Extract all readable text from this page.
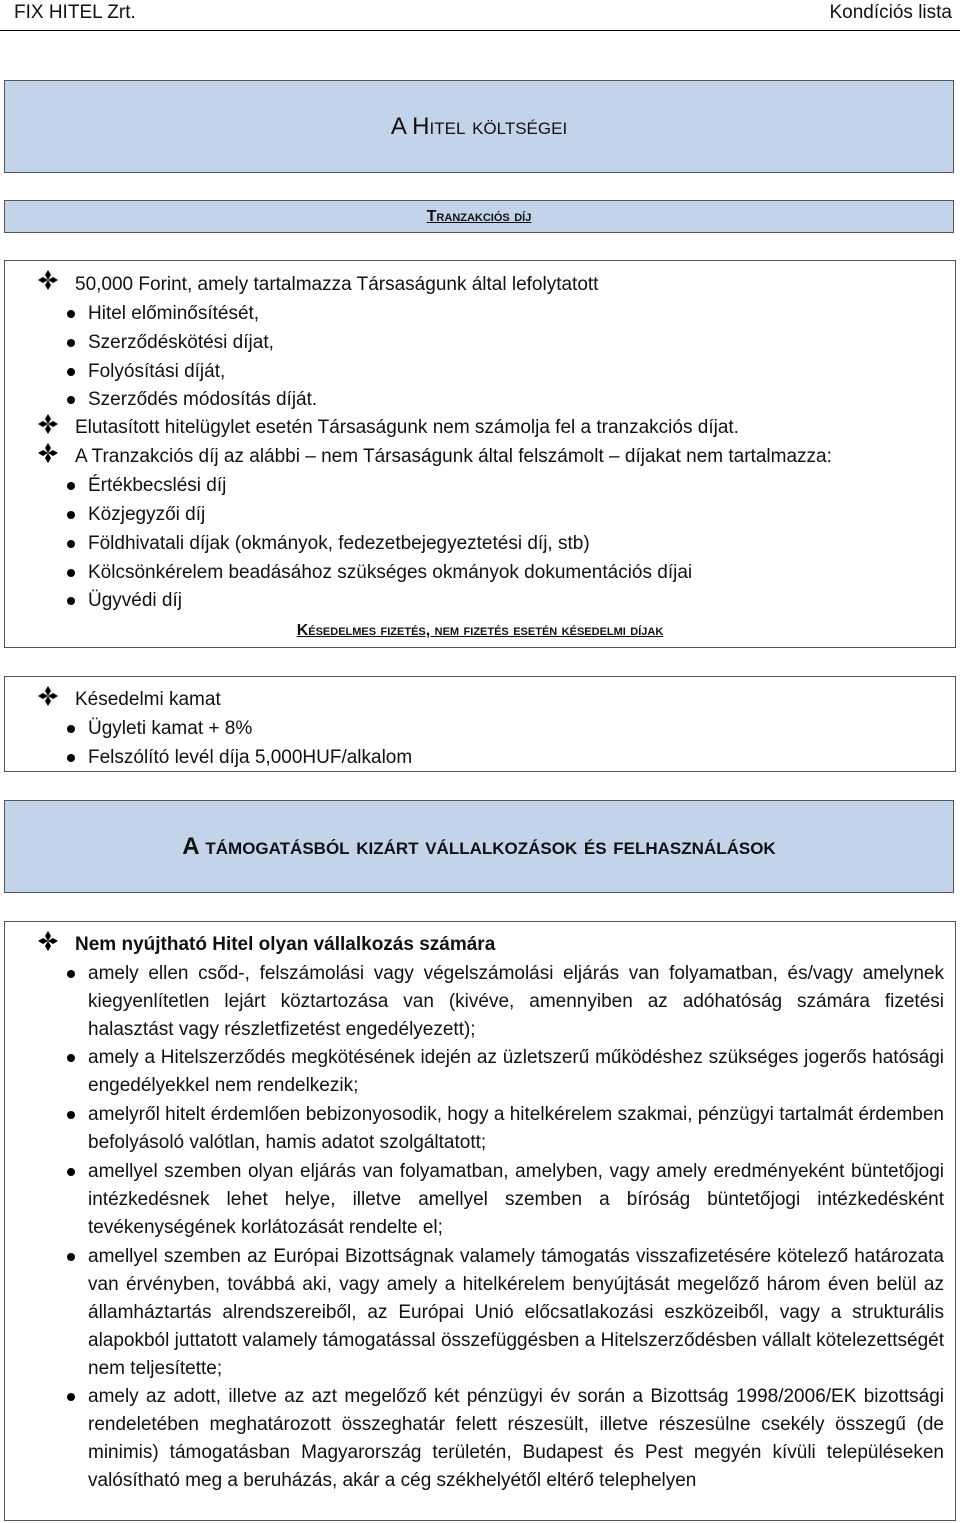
FIX HITEL Zrt.	Kondíciós lista
A Hitel költségei
Tranzakciós díj
50,000 Forint, amely tartalmazza Társaságunk által lefolytatott
Hitel előminősítését,
Szerződéskötési díjat,
Folyósítási díját,
Szerződés módosítás díját.
Elutasított hitelügylet esetén Társaságunk nem számolja fel a tranzakciós díjat.
A Tranzakciós díj az alábbi – nem Társaságunk által felszámolt – díjakat nem tartalmazza:
Értékbecslési díj
Közjegyzői díj
Földhivatali díjak (okmányok, fedezetbejegyeztetési díj, stb)
Kölcsönkérelem beadásához szükséges okmányok dokumentációs díjai
Ügyvédi díj
Késedelmes fizetés, nem fizetés esetén késedelmi díjak
Késedelmi kamat
Ügyleti kamat + 8%
Felszólító levél díja 5,000HUF/alkalom
A támogatásból kizárt vállalkozások és felhasználások
Nem nyújtható Hitel olyan vállalkozás számára
amely ellen csőd-, felszámolási vagy végelszámolási eljárás van folyamatban, és/vagy amelynek kiegyenlítetlen lejárt köztartozása van (kivéve, amennyiben az adóhatóság számára fizetési halasztást vagy részletfizetést engedélyezett);
amely a Hitelszerződés megkötésének idején az üzletszerű működéshez szükséges jogerős hatósági engedélyekkel nem rendelkezik;
amelyről hitelt érdemlően bebizonyosodik, hogy a hitelkérelem szakmai, pénzügyi tartalmát érdemben befolyásoló valótlan, hamis adatot szolgáltatott;
amellyel szemben olyan eljárás van folyamatban, amelyben, vagy amely eredményeként büntetőjogi intézkedésnek lehet helye, illetve amellyel szemben a bíróság büntetőjogi intézkedésként tevékenységének korlátozását rendelte el;
amellyel szemben az Európai Bizottságnak valamely támogatás visszafizetésére kötelező határozata van érvényben, továbbá aki, vagy amely a hitelkérelem benyújtását megelőző három éven belül az államháztartás alrendszereiből, az Európai Unió előcsatlakozási eszközeiből, vagy a strukturális alapokból juttatott valamely támogatással összefüggésben a Hitelszerződésben vállalt kötelezettségét nem teljesítette;
amely az adott, illetve az azt megelőző két pénzügyi év során a Bizottság 1998/2006/EK bizottsági rendeletében meghatározott összeghatár felett részesült, illetve részesülne csekély összegű (de minimis) támogatásban Magyarország területén, Budapest és Pest megyén kívüli településeken valósítható meg a beruházás, akár a cég székhelyétől eltérő telephelyen
